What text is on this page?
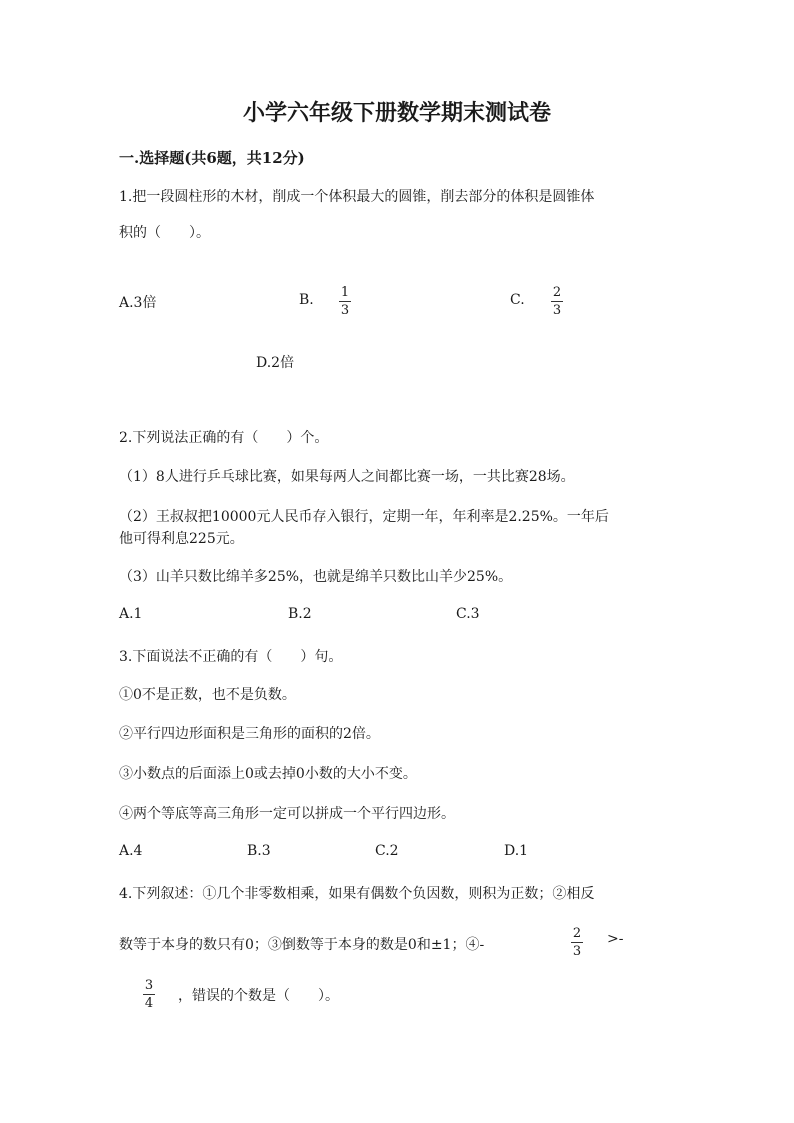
小学六年级下册数学期末测试卷
一.选择题(共6题，共12分)
1.把一段圆柱形的木材，削成一个体积最大的圆锥，削去部分的体积是圆锥体
积的（　　）。
A.3倍	B. 1
3
C. 2
3
D.2倍
2.下列说法正确的有（　　）个。
（1）8人进行乒乓球比赛，如果每两人之间都比赛一场，一共比赛28场。
（2）王叔叔把10000元人民币存入银行，定期一年，年利率是2.25%。一年后
他可得利息225元。
（3）山羊只数比绵羊多25%，也就是绵羊只数比山羊少25%。
A.1	B.2	C.3
3.下面说法不正确的有（　　）句。
①0不是正数，也不是负数。
②平行四边形面积是三角形的面积的2倍。
③小数点的后面添上0或去掉0小数的大小不变。
④两个等底等高三角形一定可以拼成一个平行四边形。
A.4	B.3	C.2	D.1
4.下列叙述：①几个非零数相乘，如果有偶数个负因数，则积为正数；②相反
数等于本身的数只有0；③倒数等于本身的数是0和±1；④-
2
3
>-
3
4 ，错误的个数是（　　）。
